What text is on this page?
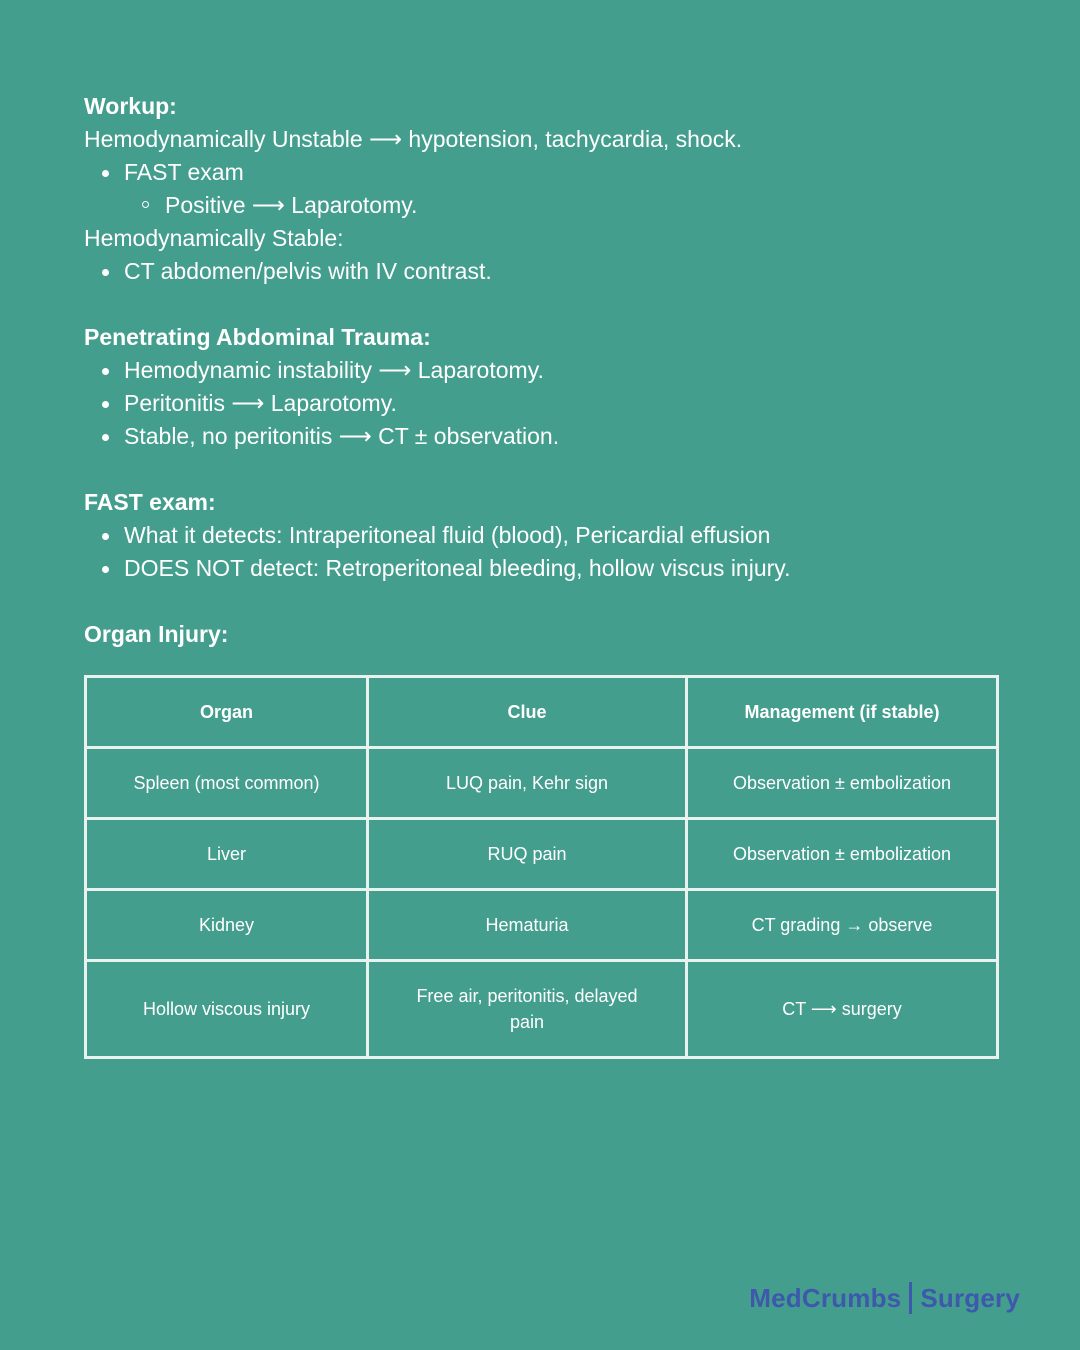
Workup:

Hemodynamically Unstable ⟶ hypotension, tachycardia, shock.

FAST exam
Positive ⟶ Laparotomy.

Hemodynamically Stable:

CT abdomen/pelvis with IV contrast.

Penetrating Abdominal Trauma:

Hemodynamic instability ⟶ Laparotomy.
Peritonitis ⟶ Laparotomy.
Stable, no peritonitis ⟶ CT ± observation.

FAST exam:

What it detects: Intraperitoneal fluid (blood), Pericardial effusion
DOES NOT detect: Retroperitoneal bleeding, hollow viscus injury.

Organ Injury:

Organ	Clue	Management (if stable)
Spleen (most common)	LUQ pain, Kehr sign	Observation ± embolization
Liver	RUQ pain	Observation ± embolization
Kidney	Hematuria	CT grading → observe
Hollow viscous injury	Free air, peritonitis, delayed pain	CT ⟶ surgery
MedCrumbs Surgery
